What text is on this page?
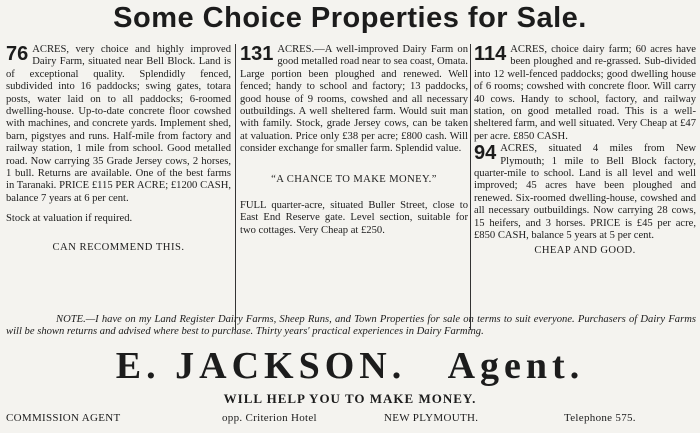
Some Choice Properties for Sale.
76 ACRES, very choice and highly improved Dairy Farm, situated near Bell Block. Land is of exceptional quality. Splendidly fenced, subdivided into 16 paddocks; swing gates, totara posts, water laid on to all paddocks; 6-roomed dwelling-house. Up-to-date concrete floor cowshed with machines, and concrete yards. Implement shed, barn, pigstyes and runs. Half-mile from factory and railway station, 1 mile from school. Good metalled road. Now carrying 35 Grade Jersey cows, 2 horses, 1 bull. Returns are available. One of the best farms in Taranaki. PRICE £115 PER ACRE; £1200 CASH, balance 7 years at 6 per cent.

Stock at valuation if required.
CAN RECOMMEND THIS.
131 ACRES.—A well-improved Dairy Farm on good metalled road near to sea coast, Omata. Large portion been ploughed and renewed. Well fenced; handy to school and factory; 13 paddocks, good house of 9 rooms, cowshed and all necessary outbuildings. A well sheltered farm. Would suit man with family. Stock, grade Jersey cows, can be taken at valuation. Price only £38 per acre; £800 cash. Will consider exchange for smaller farm. Splendid value.

“A CHANCE TO MAKE MONEY.”
FULL quarter-acre, situated Buller Street, close to East End Reserve gate. Level section, suitable for two cottages. Very Cheap at £250.
114 ACRES, choice dairy farm; 60 acres have been ploughed and re-grassed. Sub-divided into 12 well-fenced paddocks; good dwelling house of 6 rooms; cowshed with concrete floor. Will carry 40 cows. Handy to school, factory, and railway station, on good metalled road. This is a well-sheltered farm, and well situated. Very Cheap at £47 per acre. £850 CASH.

94 ACRES, situated 4 miles from New Plymouth; 1 mile to Bell Block factory, quarter-mile to school. Land is all level and well improved; 45 acres have been ploughed and renewed. Six-roomed dwelling-house, cowshed and all necessary outbuildings. Now carrying 28 cows, 15 heifers, and 3 horses. PRICE is £45 per acre, £850 CASH, balance 5 years at 5 per cent.

CHEAP AND GOOD.
NOTE.—I have on my Land Register Dairy Farms, Sheep Runs, and Town Properties for sale on terms to suit everyone. Purchasers of Dairy Farms will be shown returns and advised where best to purchase. Thirty years' practical experiences in Dairy Farming.
E. JACKSON.   Agent.
WILL HELP YOU TO MAKE MONEY.
COMMISSION AGENT	opp. Criterion Hotel	NEW PLYMOUTH.	Telephone 575.
